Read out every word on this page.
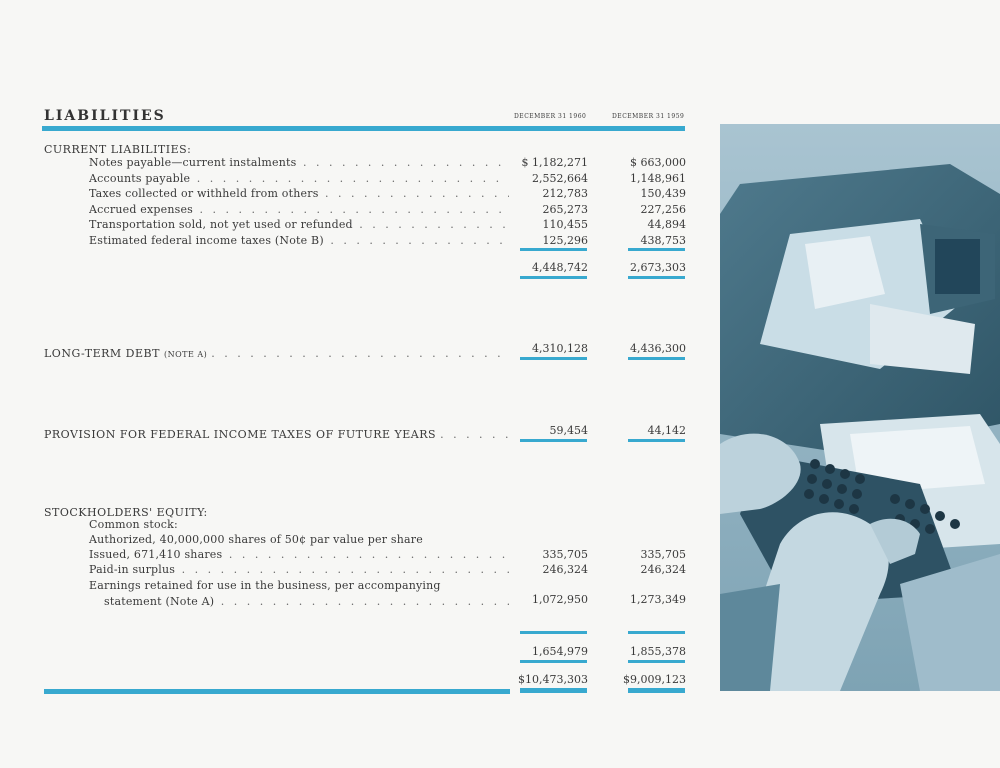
LIABILITIES	DECEMBER 31 1960	DECEMBER 31 1959
CURRENT LIABILITIES:
Notes payable—current instalments . . .	$ 1,182,271	$ 663,000
Accounts payable . . .	2,552,664	1,148,961
Taxes collected or withheld from others . . .	212,783	150,439
Accrued expenses . . .	265,273	227,256
Transportation sold, not yet used or refunded . . .	110,455	44,894
Estimated federal income taxes (Note B) . . .	125,296	438,753
4,448,742	2,673,303
LONG-TERM DEBT (NOTE A) . . .	4,310,128	4,436,300
PROVISION FOR FEDERAL INCOME TAXES OF FUTURE YEARS . . .	59,454	44,142
STOCKHOLDERS' EQUITY:
Common stock:
Authorized, 40,000,000 shares of 50¢ par value per share
Issued, 671,410 shares . . .	335,705	335,705
Paid-in surplus . . .	246,324	246,324
Earnings retained for use in the business, per accompanying
statement (Note A) . . .	1,072,950	1,273,349
1,654,979	1,855,378
$10,473,303	$9,009,123
